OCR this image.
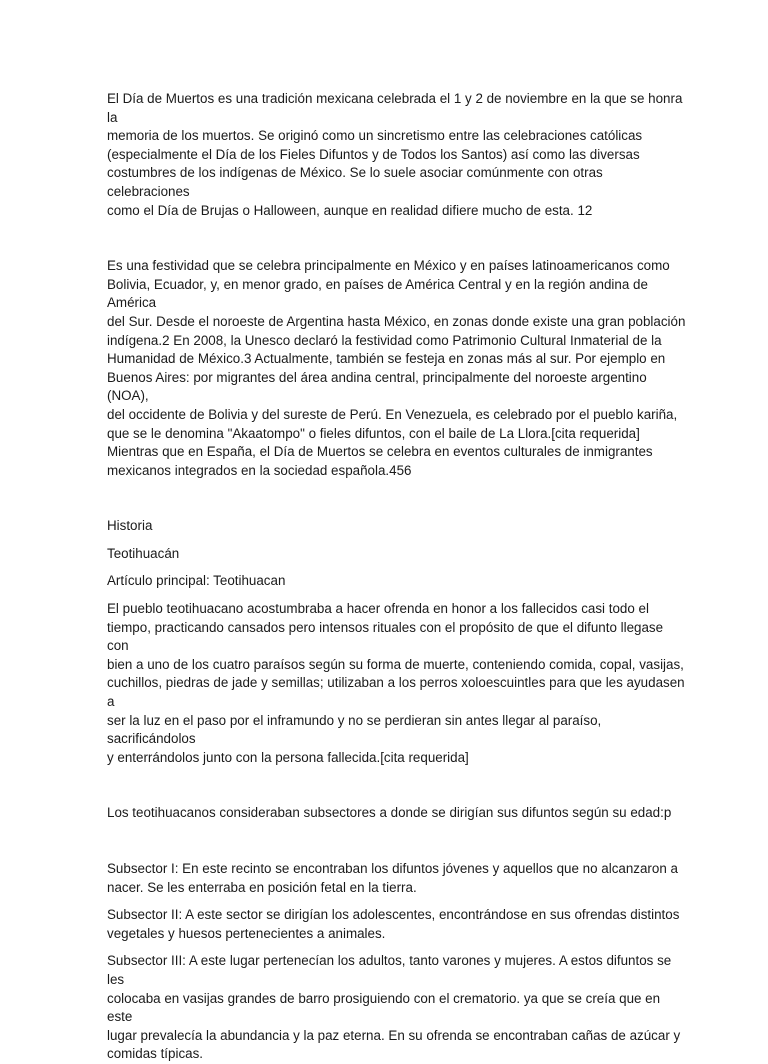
El Día de Muertos es una tradición mexicana celebrada el 1 y 2 de noviembre en la que se honra la
memoria de los muertos. Se originó como un sincretismo entre las celebraciones católicas
(especialmente el Día de los Fieles Difuntos y de Todos los Santos) así como las diversas
costumbres de los indígenas de México. Se lo suele asociar comúnmente con otras celebraciones
como el Día de Brujas o Halloween, aunque en realidad difiere mucho de esta. 12

Es una festividad que se celebra principalmente en México y en países latinoamericanos como
Bolivia, Ecuador, y, en menor grado, en países de América Central y en la región andina de América
del Sur. Desde el noroeste de Argentina hasta México, en zonas donde existe una gran población
indígena.2 En 2008, la Unesco declaró la festividad como Patrimonio Cultural Inmaterial de la
Humanidad de México.3 Actualmente, también se festeja en zonas más al sur. Por ejemplo en
Buenos Aires: por migrantes del área andina central, principalmente del noroeste argentino (NOA),
del occidente de Bolivia y del sureste de Perú. En Venezuela, es celebrado por el pueblo kariña,
que se le denomina "Akaatompo" o fieles difuntos, con el baile de La Llora.[cita requerida]
Mientras que en España, el Día de Muertos se celebra en eventos culturales de inmigrantes
mexicanos integrados en la sociedad española.456

Historia

Teotihuacán

Artículo principal: Teotihuacan

El pueblo teotihuacano acostumbraba a hacer ofrenda en honor a los fallecidos casi todo el
tiempo, practicando cansados pero intensos rituales con el propósito de que el difunto llegase con
bien a uno de los cuatro paraísos según su forma de muerte, conteniendo comida, copal, vasijas,
cuchillos, piedras de jade y semillas; utilizaban a los perros xoloescuintles para que les ayudasen a
ser la luz en el paso por el inframundo y no se perdieran sin antes llegar al paraíso, sacrificándolos
y enterrándolos junto con la persona fallecida.[cita requerida]

Los teotihuacanos consideraban subsectores a donde se dirigían sus difuntos según su edad:p

Subsector I: En este recinto se encontraban los difuntos jóvenes y aquellos que no alcanzaron a
nacer. Se les enterraba en posición fetal en la tierra.

Subsector II: A este sector se dirigían los adolescentes, encontrándose en sus ofrendas distintos
vegetales y huesos pertenecientes a animales.

Subsector III: A este lugar pertenecían los adultos, tanto varones y mujeres. A estos difuntos se les
colocaba en vasijas grandes de barro prosiguiendo con el crematorio. ya que se creía que en este
lugar prevalecía la abundancia y la paz eterna. En su ofrenda se encontraban cañas de azúcar y
comidas típicas.
